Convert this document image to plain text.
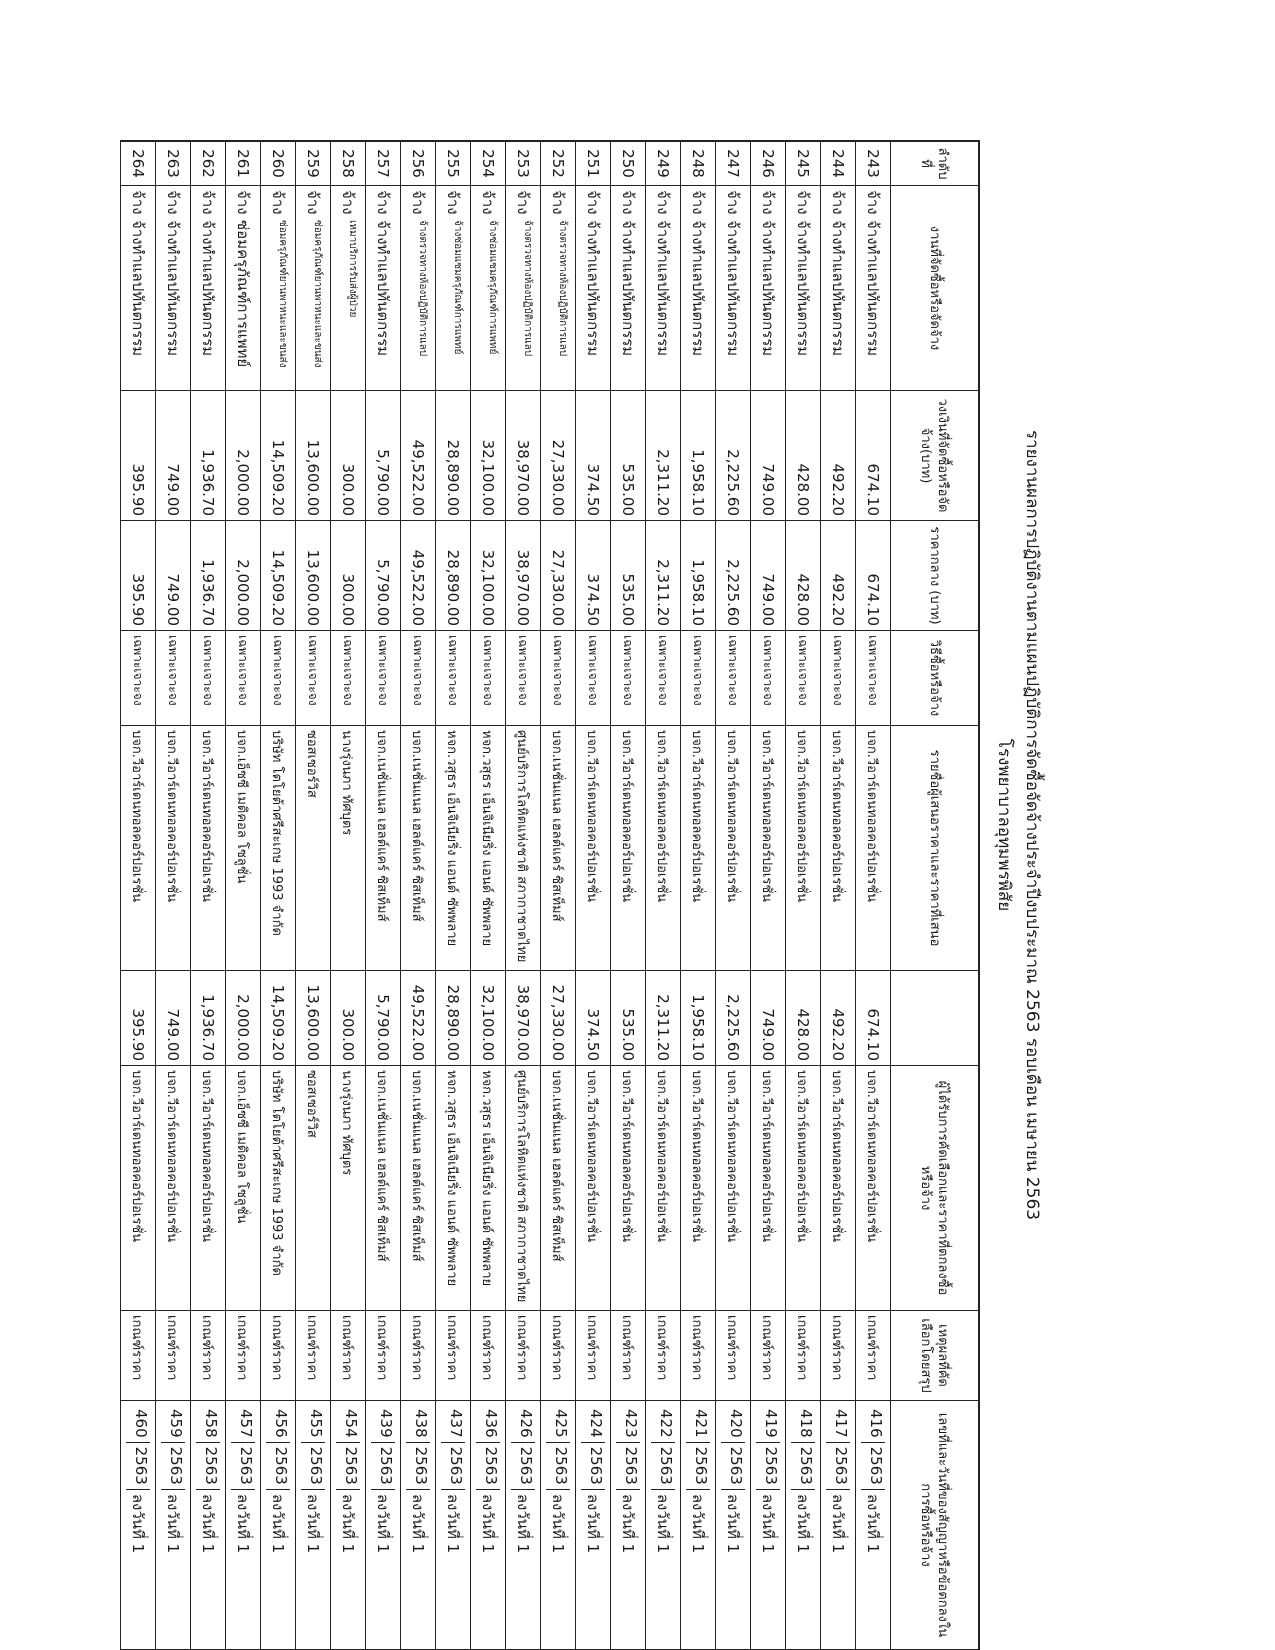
รายงานผลการปฏิบัติงานตามแผนปฏิบัติการจัดซื้อจัดจ้างประจำปีงบประมาณ 2563 รอบเดือน เมษายน 2563
โรงพยาบาลอุทุมพรพิสัย
ลำดับที่
งานที่จัดซื้อหรือจัดจ้าง
วงเงินที่จัดซื้อหรือจัดจ้าง(บาท)
ราคากลาง (บาท)
วิธีซื้อหรือจ้าง
รายชื่อผู้เสนอราคาและราคาที่เสนอ
ผู้ได้รับการคัดเลือกและราคาที่ตกลงซื้อหรือจ้าง
เหตุผลที่คัดเลือกโดยสรุป
เลขที่และวันที่ของสัญญาหรือข้อตกลงในการซื้อหรือจ้าง
243
จ้าง
จ้างทำแลปทันตกรรม
674.10
674.10
เฉพาะเจาะจง
บจก.วีอาร์เดนทอลคอร์ปอเรชั่น
674.10
บจก.วีอาร์เดนทอลคอร์ปอเรชั่น
เกณฑ์ราคา
416
2563
ลงวันที่ 1
244
จ้าง
จ้างทำแลปทันตกรรม
492.20
492.20
เฉพาะเจาะจง
บจก.วีอาร์เดนทอลคอร์ปอเรชั่น
492.20
บจก.วีอาร์เดนทอลคอร์ปอเรชั่น
เกณฑ์ราคา
417
2563
ลงวันที่ 1
245
จ้าง
จ้างทำแลปทันตกรรม
428.00
428.00
เฉพาะเจาะจง
บจก.วีอาร์เดนทอลคอร์ปอเรชั่น
428.00
บจก.วีอาร์เดนทอลคอร์ปอเรชั่น
เกณฑ์ราคา
418
2563
ลงวันที่ 1
246
จ้าง
จ้างทำแลปทันตกรรม
749.00
749.00
เฉพาะเจาะจง
บจก.วีอาร์เดนทอลคอร์ปอเรชั่น
749.00
บจก.วีอาร์เดนทอลคอร์ปอเรชั่น
เกณฑ์ราคา
419
2563
ลงวันที่ 1
247
จ้าง
จ้างทำแลปทันตกรรม
2,225.60
2,225.60
เฉพาะเจาะจง
บจก.วีอาร์เดนทอลคอร์ปอเรชั่น
2,225.60
บจก.วีอาร์เดนทอลคอร์ปอเรชั่น
เกณฑ์ราคา
420
2563
ลงวันที่ 1
248
จ้าง
จ้างทำแลปทันตกรรม
1,958.10
1,958.10
เฉพาะเจาะจง
บจก.วีอาร์เดนทอลคอร์ปอเรชั่น
1,958.10
บจก.วีอาร์เดนทอลคอร์ปอเรชั่น
เกณฑ์ราคา
421
2563
ลงวันที่ 1
249
จ้าง
จ้างทำแลปทันตกรรม
2,311.20
2,311.20
เฉพาะเจาะจง
บจก.วีอาร์เดนทอลคอร์ปอเรชั่น
2,311.20
บจก.วีอาร์เดนทอลคอร์ปอเรชั่น
เกณฑ์ราคา
422
2563
ลงวันที่ 1
250
จ้าง
จ้างทำแลปทันตกรรม
535.00
535.00
เฉพาะเจาะจง
บจก.วีอาร์เดนทอลคอร์ปอเรชั่น
535.00
บจก.วีอาร์เดนทอลคอร์ปอเรชั่น
เกณฑ์ราคา
423
2563
ลงวันที่ 1
251
จ้าง
จ้างทำแลปทันตกรรม
374.50
374.50
เฉพาะเจาะจง
บจก.วีอาร์เดนทอลคอร์ปอเรชั่น
374.50
บจก.วีอาร์เดนทอลคอร์ปอเรชั่น
เกณฑ์ราคา
424
2563
ลงวันที่ 1
252
จ้าง
จ้างตรวจทางห้องปฏิบัติการแลป
27,330.00
27,330.00
เฉพาะเจาะจง
บจก.เนชั่นแนล เฮลต์แคร์ ซิสเท็มส์
27,330.00
บจก.เนชั่นแนล เฮลต์แคร์ ซิสเท็มส์
เกณฑ์ราคา
425
2563
ลงวันที่ 1
253
จ้าง
จ้างตรวจทางห้องปฏิบัติการแลป
38,970.00
38,970.00
เฉพาะเจาะจง
ศูนย์บริการโลหิตแห่งชาติ สภากาชาดไทย
38,970.00
ศูนย์บริการโลหิตแห่งชาติ สภากาชาดไทย
เกณฑ์ราคา
426
2563
ลงวันที่ 1
254
จ้าง
จ้างซ่อมแซมครุภัณฑ์การแพทย์
32,100.00
32,100.00
เฉพาะเจาะจง
หจก.วสุธร เอ็นจิเนียริ่ง แอนด์ ซัพพลาย
32,100.00
หจก.วสุธร เอ็นจิเนียริ่ง แอนด์ ซัพพลาย
เกณฑ์ราคา
436
2563
ลงวันที่ 1
255
จ้าง
จ้างซ่อมแซมครุภัณฑ์การแพทย์
28,890.00
28,890.00
เฉพาะเจาะจง
หจก.วสุธร เอ็นจิเนียริ่ง แอนด์ ซัพพลาย
28,890.00
หจก.วสุธร เอ็นจิเนียริ่ง แอนด์ ซัพพลาย
เกณฑ์ราคา
437
2563
ลงวันที่ 1
256
จ้าง
จ้างตรวจทางห้องปฏิบัติการแลป
49,522.00
49,522.00
เฉพาะเจาะจง
บจก.เนชั่นแนล เฮลต์แคร์ ซิสเท็มส์
49,522.00
บจก.เนชั่นแนล เฮลต์แคร์ ซิสเท็มส์
เกณฑ์ราคา
438
2563
ลงวันที่ 1
257
จ้าง
จ้างทำแลปทันตกรรม
5,790.00
5,790.00
เฉพาะเจาะจง
บจก.เนชั่นแนล เฮลต์แคร์ ซิสเท็มส์
5,790.00
บจก.เนชั่นแนล เฮลต์แคร์ ซิสเท็มส์
เกณฑ์ราคา
439
2563
ลงวันที่ 1
258
จ้าง
เหมาบริการรับส่งผู้ป่วย
300.00
300.00
เฉพาะเจาะจง
นางรุ่งนภา ทัศบุตร
300.00
นางรุ่งนภา ทัศบุตร
เกณฑ์ราคา
454
2563
ลงวันที่ 1
259
จ้าง
ซ่อมครุภัณฑ์ยานพาหนะและขนส่ง
13,600.00
13,600.00
เฉพาะเจาะจง
ซอสเซอร์วิส
13,600.00
ซอสเซอร์วิส
เกณฑ์ราคา
455
2563
ลงวันที่ 1
260
จ้าง
ซ่อมครุภัณฑ์ยานพาหนะและขนส่ง
14,509.20
14,509.20
เฉพาะเจาะจง
บริษัท โตโยต้าศรีสะเกษ 1993 จำกัด
14,509.20
บริษัท โตโยต้าศรีสะเกษ 1993 จำกัด
เกณฑ์ราคา
456
2563
ลงวันที่ 1
261
จ้าง
ซ่อมครุภัณฑ์การแพทย์
2,000.00
2,000.00
เฉพาะเจาะจง
บจก.เอ็ซซี เมดิคอล โซลูชั่น
2,000.00
บจก.เอ็ซซี เมดิคอล โซลูชั่น
เกณฑ์ราคา
457
2563
ลงวันที่ 1
262
จ้าง
จ้างทำแลปทันตกรรม
1,936.70
1,936.70
เฉพาะเจาะจง
บจก.วีอาร์เดนทอลคอร์ปอเรชั่น
1,936.70
บจก.วีอาร์เดนทอลคอร์ปอเรชั่น
เกณฑ์ราคา
458
2563
ลงวันที่ 1
263
จ้าง
จ้างทำแลปทันตกรรม
749.00
749.00
เฉพาะเจาะจง
บจก.วีอาร์เดนทอลคอร์ปอเรชั่น
749.00
บจก.วีอาร์เดนทอลคอร์ปอเรชั่น
เกณฑ์ราคา
459
2563
ลงวันที่ 1
264
จ้าง
จ้างทำแลปทันตกรรม
395.90
395.90
เฉพาะเจาะจง
บจก.วีอาร์เดนทอลคอร์ปอเรชั่น
395.90
บจก.วีอาร์เดนทอลคอร์ปอเรชั่น
เกณฑ์ราคา
460
2563
ลงวันที่ 1
